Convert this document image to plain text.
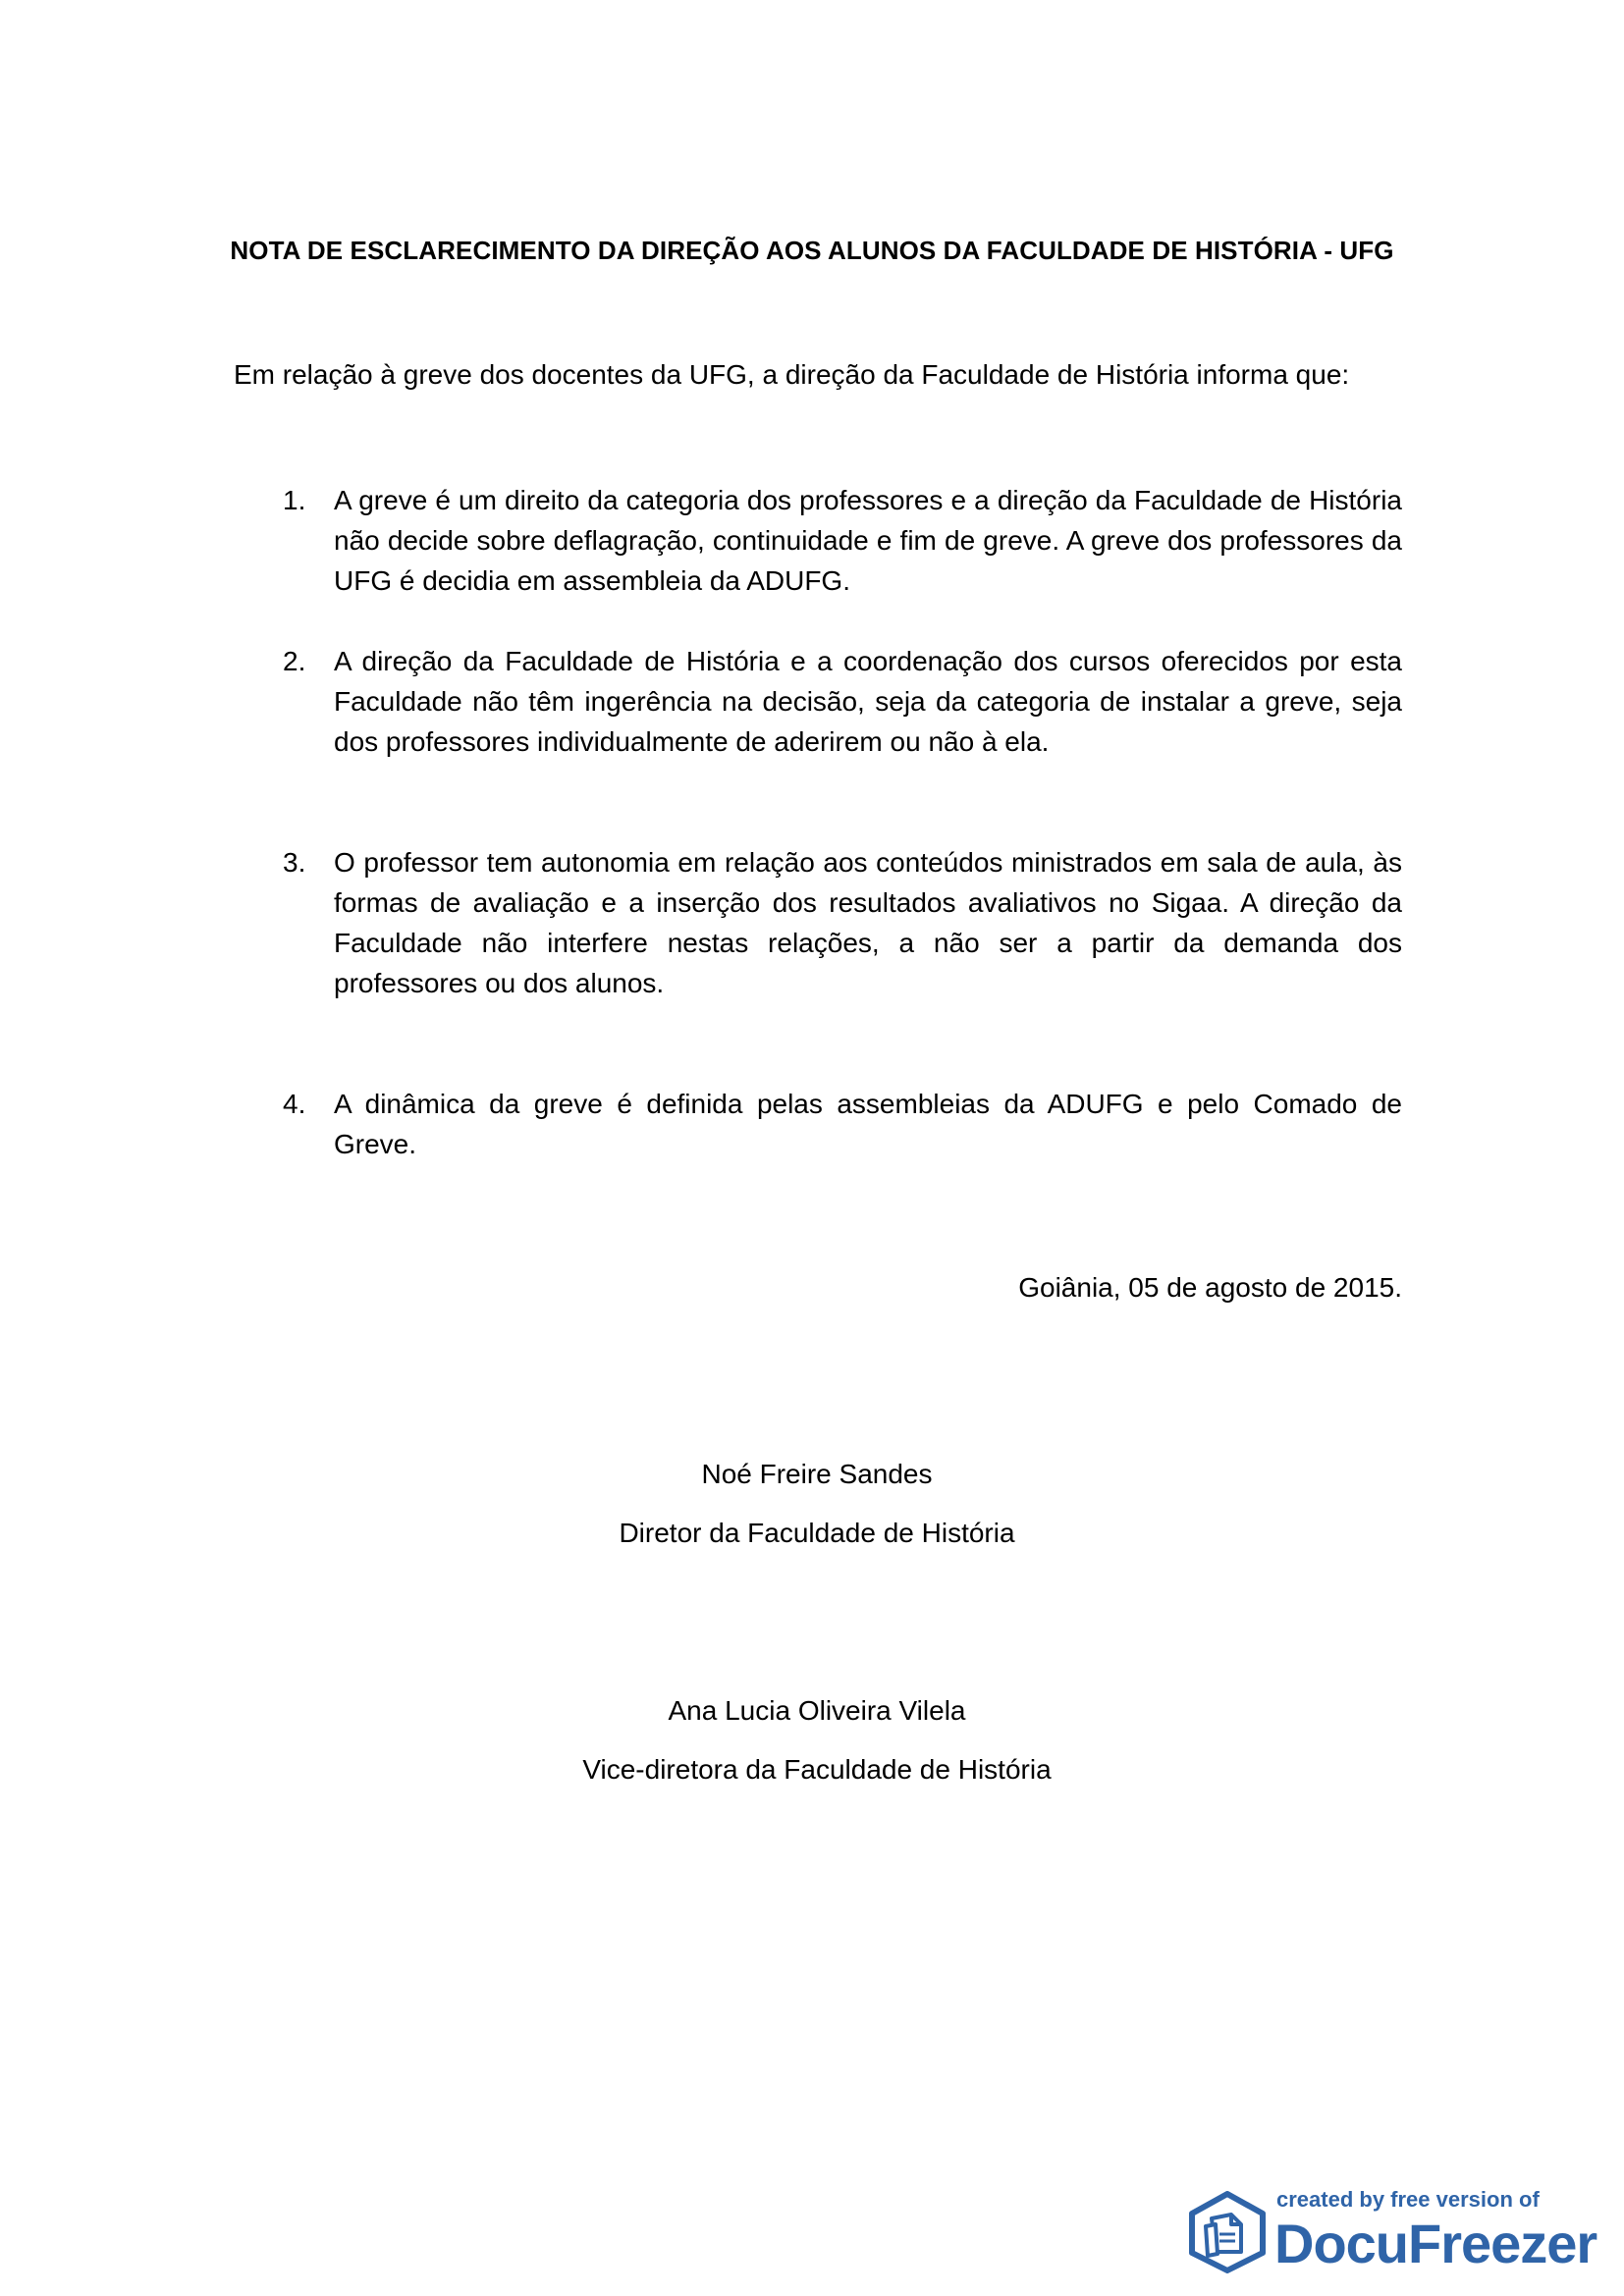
NOTA DE ESCLARECIMENTO DA DIREÇÃO AOS ALUNOS DA FACULDADE DE HISTÓRIA - UFG
Em relação à greve dos docentes da UFG, a direção da Faculdade de História informa que:
1.	A greve é um direito da categoria dos professores e a direção da Faculdade de História não decide sobre deflagração, continuidade e fim de greve. A greve dos professores da UFG é decidia em assembleia da ADUFG.
2.	A direção da Faculdade de História e a coordenação dos cursos oferecidos por esta Faculdade não têm ingerência na decisão, seja da categoria de instalar a greve, seja dos professores individualmente de aderirem ou não à ela.
3.	O professor tem autonomia em relação aos conteúdos ministrados em sala de aula, às formas de avaliação e a inserção dos resultados avaliativos no Sigaa. A direção da Faculdade não interfere nestas relações, a não ser a partir da demanda dos professores ou dos alunos.
4.	A dinâmica da greve é definida pelas assembleias da ADUFG e pelo Comado de Greve.
Goiânia, 05 de agosto de 2015.
Noé Freire Sandes
Diretor da Faculdade de História
Ana Lucia Oliveira Vilela
Vice-diretora da Faculdade de História
created by free version of
DocuFreezer
